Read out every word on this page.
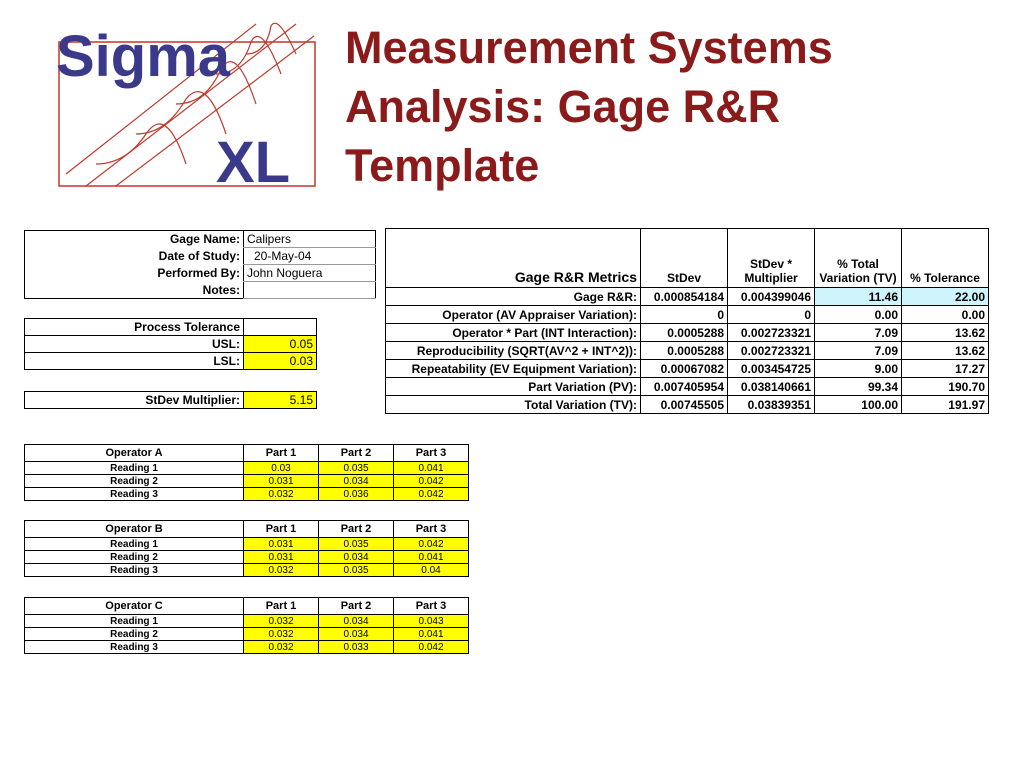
Sigma
XL
Measurement Systems Analysis: Gage R&R Template
Gage Name:	Calipers
Date of Study:	20-May-04
Performed By:	John Noguera
Notes:	
Process Tolerance	
USL:	0.05
LSL:	0.03
StDev Multiplier:	5.15
Gage R&R Metrics	StDev	StDev * Multiplier	% Total Variation (TV)	% Tolerance
Gage R&R:	0.000854184	0.004399046	11.46	22.00
Operator (AV Appraiser Variation):	0	0	0.00	0.00
Operator * Part (INT Interaction):	0.0005288	0.002723321	7.09	13.62
Reproducibility (SQRT(AV^2 + INT^2)):	0.0005288	0.002723321	7.09	13.62
Repeatability (EV Equipment Variation):	0.00067082	0.003454725	9.00	17.27
Part Variation (PV):	0.007405954	0.038140661	99.34	190.70
Total Variation (TV):	0.00745505	0.03839351	100.00	191.97
Operator A	Part 1	Part 2	Part 3
Reading 1	0.03	0.035	0.041
Reading 2	0.031	0.034	0.042
Reading 3	0.032	0.036	0.042
Operator B	Part 1	Part 2	Part 3
Reading 1	0.031	0.035	0.042
Reading 2	0.031	0.034	0.041
Reading 3	0.032	0.035	0.04
Operator C	Part 1	Part 2	Part 3
Reading 1	0.032	0.034	0.043
Reading 2	0.032	0.034	0.041
Reading 3	0.032	0.033	0.042
